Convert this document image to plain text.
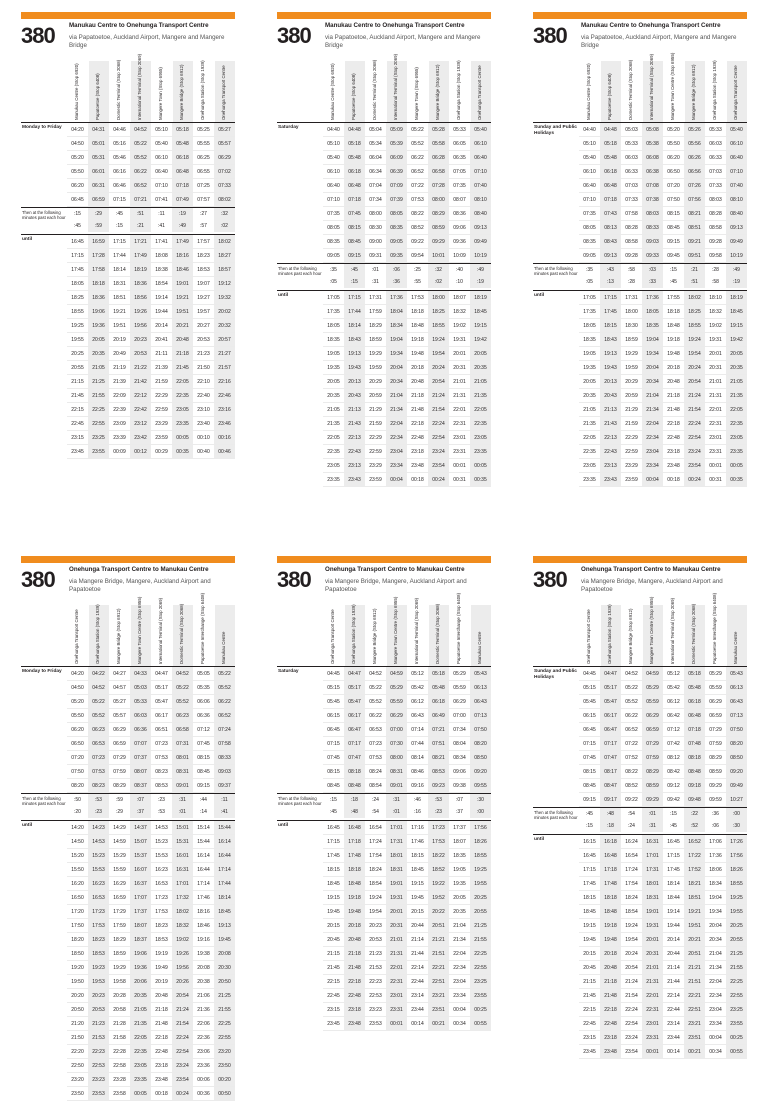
380 Manukau Centre to Onehunga Transport Centre
via Papatoetoe, Auckland Airport, Mangere and Mangere Bridge
Manukau Centre (Stop 6920)	Papatoetoe (Stop 6408)	Domestic Terminal (Stop 2068)	International Terminal (Stop 2069)	Mangere Town (Stop 6955)	Mangere Bridge (Stop 6912)	Onehunga Station (Stop 1939)	Onehunga Transport Centre
Monday to Friday	04:20	04:31	04:46	04:52	05:10	05:18	05:25	05:27
04:50	05:01	05:16	05:22	05:40	05:48	05:55	05:57
05:20	05:31	05:46	05:52	06:10	06:18	06:25	06:29
05:50	06:01	06:16	06:22	06:40	06:48	06:55	07:02
06:20	06:31	06:46	06:52	07:10	07:18	07:25	07:33
06:45	06:59	07:15	07:21	07:41	07:49	07:57	08:02
Then at the following minutes past each hour
:15	:29	:45	:51	:11	:19	:27	:32
:45	:59	:15	:21	:41	:49	:57	:02
until	16:45	16:59	17:15	17:21	17:41	17:49	17:57	18:02
17:15	17:28	17:44	17:49	18:08	18:16	18:23	18:27
17:45	17:58	18:14	18:19	18:38	18:46	18:53	18:57
18:05	18:18	18:31	18:36	18:54	19:01	19:07	19:12
18:25	18:36	18:51	18:56	19:14	19:21	19:27	19:32
18:55	19:06	19:21	19:26	19:44	19:51	19:57	20:02
19:25	19:36	19:51	19:56	20:14	20:21	20:27	20:32
19:55	20:05	20:19	20:23	20:41	20:48	20:53	20:57
20:25	20:35	20:49	20:53	21:11	21:18	21:23	21:27
20:55	21:05	21:19	21:22	21:39	21:45	21:50	21:57
21:15	21:25	21:39	21:42	21:59	22:05	22:10	22:16
21:45	21:55	22:09	22:12	22:29	22:35	22:40	22:46
22:15	22:25	22:39	22:42	22:59	23:05	23:10	23:16
22:45	22:55	23:09	23:12	23:29	23:35	23:40	23:46
23:15	23:25	23:39	23:42	23:59	00:05	00:10	00:16
23:45	23:55	00:09	00:12	00:29	00:35	00:40	00:46
380 Manukau Centre to Onehunga Transport Centre
via Papatoetoe, Auckland Airport, Mangere and Mangere Bridge
Manukau Centre (Stop 6920)	Papatoetoe (Stop 6408)	Domestic Terminal (Stop 2068)	International Terminal (Stop 2069)	Mangere Town (Stop 6955)	Mangere Bridge (Stop 6912)	Onehunga Station (Stop 1939)	Onehunga Transport Centre
Saturday	04:40	04:48	05:04	05:09	05:22	05:28	05:33	05:40
05:10	05:18	05:34	05:39	05:52	05:58	06:05	06:10
05:40	05:48	06:04	06:09	06:22	06:28	06:35	06:40
06:10	06:18	06:34	06:39	06:52	06:58	07:05	07:10
06:40	06:48	07:04	07:09	07:22	07:28	07:35	07:40
07:10	07:18	07:34	07:39	07:53	08:00	08:07	08:10
07:35	07:45	08:00	08:05	08:22	08:29	08:36	08:40
08:05	08:15	08:30	08:35	08:52	08:59	09:06	09:13
08:35	08:45	09:00	09:05	09:22	09:29	09:36	09:49
09:05	09:15	09:31	09:35	09:54	10:01	10:09	10:19
Then at the following minutes past each hour
:35	:45	:01	:06	:25	:32	:40	:49
:05	:15	:31	:36	:55	:02	:10	:19
until	17:05	17:15	17:31	17:36	17:53	18:00	18:07	18:19
17:35	17:44	17:59	18:04	18:18	18:25	18:32	18:45
18:05	18:14	18:29	18:34	18:48	18:55	19:02	19:15
18:35	18:43	18:59	19:04	19:18	19:24	19:31	19:42
19:05	19:13	19:29	19:34	19:48	19:54	20:01	20:05
19:35	19:43	19:59	20:04	20:18	20:24	20:31	20:35
20:05	20:13	20:29	20:34	20:48	20:54	21:01	21:05
20:35	20:43	20:59	21:04	21:18	21:24	21:31	21:35
21:05	21:13	21:29	21:34	21:48	21:54	22:01	22:05
21:35	21:43	21:59	22:04	22:18	22:24	22:31	22:35
22:05	22:13	22:29	22:34	22:48	22:54	23:01	23:05
22:35	22:43	22:59	23:04	23:18	23:24	23:31	23:35
23:05	23:13	23:29	23:34	23:48	23:54	00:01	00:05
23:35	23:43	23:59	00:04	00:18	00:24	00:31	00:35
380 Manukau Centre to Onehunga Transport Centre
via Papatoetoe, Auckland Airport, Mangere and Mangere Bridge
Manukau Centre (Stop 6920)	Papatoetoe (Stop 6408)	Domestic Terminal (Stop 2068)	International Terminal (Stop 2069)	Mangere Town Centre (Stop 6955)	Mangere Bridge (Stop 6912)	Onehunga Station (Stop 1939)	Onehunga Transport Centre
Sunday and Public Holidays
04:40	04:48	05:03	05:08	05:20	05:26	05:33	05:40
05:10	05:18	05:33	05:38	05:50	05:56	06:03	06:10
05:40	05:48	06:03	06:08	06:20	06:26	06:33	06:40
06:10	06:18	06:33	06:38	06:50	06:56	07:03	07:10
06:40	06:48	07:03	07:08	07:20	07:26	07:33	07:40
07:10	07:18	07:33	07:38	07:50	07:56	08:03	08:10
07:35	07:43	07:58	08:03	08:15	08:21	08:28	08:40
08:05	08:13	08:28	08:33	08:45	08:51	08:58	09:13
08:35	08:43	08:58	09:03	09:15	09:21	09:28	09:49
09:05	09:13	09:28	09:33	09:45	09:51	09:58	10:19
Then at the following minutes past each hour
:35	:43	:58	:03	:15	:21	:28	:49
:05	:13	:28	:33	:45	:51	:58	:19
until	17:05	17:15	17:31	17:36	17:55	18:02	18:10	18:19
17:35	17:45	18:00	18:05	18:18	18:25	18:32	18:45
18:05	18:15	18:30	18:35	18:48	18:55	19:02	19:15
18:35	18:43	18:59	19:04	19:18	19:24	19:31	19:42
19:05	19:13	19:29	19:34	19:48	19:54	20:01	20:05
19:35	19:43	19:59	20:04	20:18	20:24	20:31	20:35
20:05	20:13	20:29	20:34	20:48	20:54	21:01	21:05
20:35	20:43	20:59	21:04	21:18	21:24	21:31	21:35
21:05	21:13	21:29	21:34	21:48	21:54	22:01	22:05
21:35	21:43	21:59	22:04	22:18	22:24	22:31	22:35
22:05	22:13	22:29	22:34	22:48	22:54	23:01	23:05
22:35	22:43	22:59	23:04	23:18	23:24	23:31	23:35
23:05	23:13	23:29	23:34	23:48	23:54	00:01	00:05
23:35	23:43	23:59	00:04	00:18	00:24	00:31	00:35
380 Onehunga Transport Centre to Manukau Centre
via Mangere Bridge, Mangere, Auckland Airport and Papatoetoe
Onehunga Transport Centre	Onehunga Station (Stop 1939)	Mangere Bridge (Stop 6912)	Mangere Town Centre (Stop 6955)	International Terminal (Stop 2069)	Domestic Terminal (Stop 2068)	Papatoetoe Interchange (Stop 6408)	Manukau Centre
Monday to Friday	04:20	04:22	04:27	04:33	04:47	04:52	05:05	05:22
04:50	04:52	04:57	05:03	05:17	05:22	05:35	05:52
05:20	05:22	05:27	05:33	05:47	05:52	06:06	06:22
05:50	05:52	05:57	06:03	06:17	06:23	06:36	06:52
06:20	06:23	06:29	06:36	06:51	06:58	07:12	07:24
06:50	06:53	06:59	07:07	07:23	07:31	07:45	07:58
07:20	07:23	07:29	07:37	07:53	08:01	08:15	08:33
07:50	07:53	07:59	08:07	08:23	08:31	08:45	09:03
08:20	08:23	08:29	08:37	08:53	09:01	09:15	09:37
Then at the following minutes past each hour
:50	:53	:59	:07	:23	:31	:44	:11
:20	:23	:29	:37	:53	:01	:14	:41
until	14:20	14:23	14:29	14:37	14:53	15:01	15:14	15:44
14:50	14:53	14:59	15:07	15:23	15:31	15:44	16:14
15:20	15:23	15:29	15:37	15:53	16:01	16:14	16:44
15:50	15:53	15:59	16:07	16:23	16:31	16:44	17:14
16:20	16:23	16:29	16:37	16:53	17:01	17:14	17:44
16:50	16:53	16:59	17:07	17:23	17:32	17:46	18:14
17:20	17:23	17:29	17:37	17:53	18:02	18:16	18:45
17:50	17:53	17:59	18:07	18:23	18:32	18:46	19:13
18:20	18:23	18:29	18:37	18:53	19:02	19:16	19:45
18:50	18:53	18:59	19:06	19:19	19:26	19:38	20:08
19:20	19:23	19:29	19:36	19:49	19:56	20:08	20:30
19:50	19:53	19:58	20:06	20:19	20:26	20:38	20:50
20:20	20:23	20:28	20:35	20:48	20:54	21:06	21:25
20:50	20:53	20:58	21:05	21:18	21:24	21:36	21:55
21:20	21:23	21:28	21:35	21:48	21:54	22:06	22:25
21:50	21:53	21:58	22:05	22:18	22:24	22:36	22:55
22:20	22:23	22:28	22:35	22:48	22:54	23:06	23:20
22:50	22:53	22:58	23:05	23:18	23:24	23:36	23:50
23:20	23:23	23:28	23:35	23:48	23:54	00:06	00:20
23:50	23:53	23:58	00:05	00:18	00:24	00:36	00:50
380 Onehunga Transport Centre to Manukau Centre
via Mangere Bridge, Mangere, Auckland Airport and Papatoetoe
Onehunga Transport Centre	Onehunga Station (Stop 1939)	Mangere Bridge (Stop 6912)	Mangere Town Centre (Stop 6955)	International Terminal (Stop 2069)	Domestic Terminal (Stop 2068)	Papatoetoe Interchange (Stop 6408)	Manukau Centre
Saturday	04:45	04:47	04:52	04:59	05:12	05:18	05:29	05:43
05:15	05:17	05:22	05:29	05:42	05:48	05:59	06:13
05:45	05:47	05:52	05:59	06:12	06:18	06:29	06:43
06:15	06:17	06:22	06:29	06:43	06:49	07:00	07:13
06:45	06:47	06:53	07:00	07:14	07:21	07:34	07:50
07:15	07:17	07:23	07:30	07:44	07:51	08:04	08:20
07:45	07:47	07:53	08:00	08:14	08:21	08:34	08:50
08:15	08:18	08:24	08:31	08:46	08:53	09:06	09:20
08:45	08:48	08:54	09:01	09:16	09:23	09:38	09:55
Then at the following minutes past each hour
:15	:18	:24	:31	:46	:53	:07	:30
:45	:48	:54	:01	:16	:23	:37	:00
until	16:45	16:48	16:54	17:01	17:16	17:23	17:37	17:56
17:15	17:18	17:24	17:31	17:46	17:53	18:07	18:26
17:45	17:48	17:54	18:01	18:15	18:22	18:35	18:55
18:15	18:18	18:24	18:31	18:45	18:52	19:05	19:25
18:45	18:48	18:54	19:01	19:15	19:22	19:35	19:55
19:15	19:18	19:24	19:31	19:45	19:52	20:05	20:25
19:45	19:48	19:54	20:01	20:15	20:22	20:35	20:55
20:15	20:18	20:23	20:31	20:44	20:51	21:04	21:25
20:45	20:48	20:53	21:01	21:14	21:21	21:34	21:55
21:15	21:18	21:23	21:31	21:44	21:51	22:04	22:25
21:45	21:48	21:53	22:01	22:14	22:21	22:34	22:55
22:15	22:18	22:23	22:31	22:44	22:51	23:04	23:25
22:45	22:48	22:53	23:01	23:14	23:21	23:34	23:55
23:15	23:18	23:23	23:31	23:44	23:51	00:04	00:25
23:45	23:48	23:53	00:01	00:14	00:21	00:34	00:55
380 Onehunga Transport Centre to Manukau Centre
via Mangere Bridge, Mangere, Auckland Airport and Papatoetoe
Onehunga Transport Centre	Onehunga Station (Stop 1939)	Mangere Bridge (Stop 6912)	Mangere Town Centre (Stop 6955)	International Terminal (Stop 2069)	Domestic Terminal (Stop 2068)	Papatoetoe Interchange (Stop 6408)	Manukau Centre
Sunday and Public Holidays
04:45	04:47	04:52	04:59	05:12	05:18	05:29	05:43
05:15	05:17	05:22	05:29	05:42	05:48	05:59	06:13
05:45	05:47	05:52	05:59	06:12	06:18	06:29	06:43
06:15	06:17	06:22	06:29	06:42	06:48	06:59	07:13
06:45	06:47	06:52	06:59	07:12	07:18	07:29	07:50
07:15	07:17	07:22	07:29	07:42	07:48	07:59	08:20
07:45	07:47	07:52	07:59	08:12	08:18	08:29	08:50
08:15	08:17	08:22	08:29	08:42	08:48	08:59	09:20
08:45	08:47	08:52	08:59	09:12	09:18	09:29	09:49
09:15	09:17	09:22	09:29	09:42	09:48	09:59	10:27
Then at the following minutes past each hour
:45	:48	:54	:01	:15	:22	:36	:00
:15	:18	:24	:31	:45	:52	:06	:30
until	16:15	16:18	16:24	16:31	16:45	16:52	17:06	17:26
16:45	16:48	16:54	17:01	17:15	17:22	17:36	17:56
17:15	17:18	17:24	17:31	17:45	17:52	18:06	18:26
17:45	17:48	17:54	18:01	18:14	18:21	18:34	18:55
18:15	18:18	18:24	18:31	18:44	18:51	19:04	19:25
18:45	18:48	18:54	19:01	19:14	19:21	19:34	19:55
19:15	19:18	19:24	19:31	19:44	19:51	20:04	20:25
19:45	19:48	19:54	20:01	20:14	20:21	20:34	20:55
20:15	20:18	20:24	20:31	20:44	20:51	21:04	21:25
20:45	20:48	20:54	21:01	21:14	21:21	21:34	21:55
21:15	21:18	21:24	21:31	21:44	21:51	22:04	22:25
21:45	21:48	21:54	22:01	22:14	22:21	22:34	22:55
22:15	22:18	22:24	22:31	22:44	22:51	23:04	23:25
22:45	22:48	22:54	23:01	23:14	23:21	23:34	23:55
23:15	23:18	23:24	23:31	23:44	23:51	00:04	00:25
23:45	23:48	23:54	00:01	00:14	00:21	00:34	00:55
